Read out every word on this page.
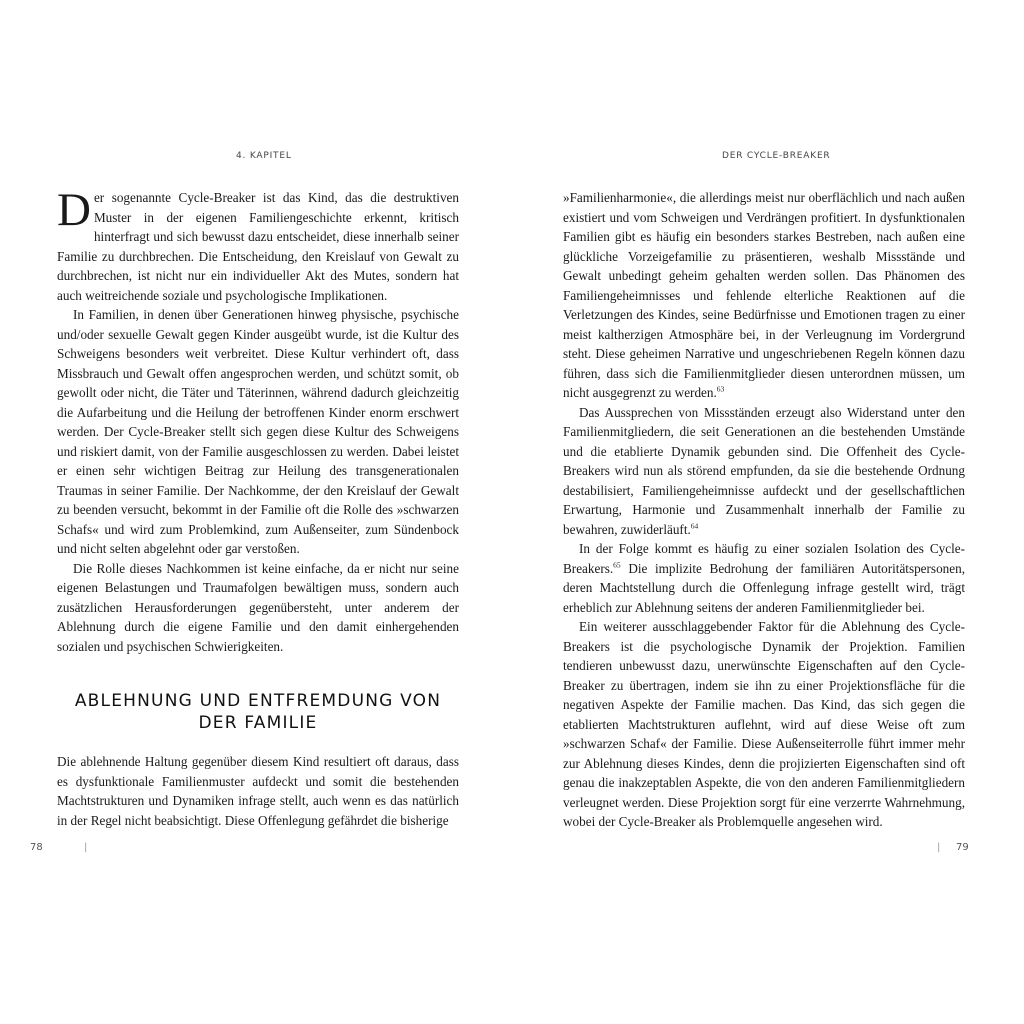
4. KAPITEL

Der sogenannte Cycle-Breaker ist das Kind, das die destruktiven Muster in der eigenen Familiengeschichte erkennt, kritisch hinterfragt und sich bewusst dazu entscheidet, diese innerhalb seiner Familie zu durchbrechen. Die Entscheidung, den Kreislauf von Gewalt zu durchbrechen, ist nicht nur ein individueller Akt des Mutes, sondern hat auch weitreichende soziale und psychologische Implikationen.

In Familien, in denen über Generationen hinweg physische, psychische und/oder sexuelle Gewalt gegen Kinder ausgeübt wurde, ist die Kultur des Schweigens besonders weit verbreitet. Diese Kultur verhindert oft, dass Missbrauch und Gewalt offen angesprochen werden, und schützt somit, ob gewollt oder nicht, die Täter und Täterinnen, während dadurch gleichzeitig die Aufarbeitung und die Heilung der betroffenen Kinder enorm erschwert werden. Der Cycle-Breaker stellt sich gegen diese Kultur des Schweigens und riskiert damit, von der Familie ausgeschlossen zu werden. Dabei leistet er einen sehr wichtigen Beitrag zur Heilung des transgenerationalen Traumas in seiner Familie. Der Nachkomme, der den Kreislauf der Gewalt zu beenden versucht, bekommt in der Familie oft die Rolle des »schwarzen Schafs« und wird zum Problemkind, zum Außenseiter, zum Sündenbock und nicht selten abgelehnt oder gar verstoßen.

Die Rolle dieses Nachkommen ist keine einfache, da er nicht nur seine eigenen Belastungen und Traumafolgen bewältigen muss, sondern auch zusätzlichen Herausforderungen gegenübersteht, unter anderem der Ablehnung durch die eigene Familie und den damit einhergehenden sozialen und psychischen Schwierigkeiten.

ABLEHNUNG UND ENTFREMDUNG VON DER FAMILIE

Die ablehnende Haltung gegenüber diesem Kind resultiert oft daraus, dass es dysfunktionale Familienmuster aufdeckt und somit die bestehenden Machtstrukturen und Dynamiken infrage stellt, auch wenn es das natürlich in der Regel nicht beabsichtigt. Diese Offenlegung gefährdet die bisherige

78	|
DER CYCLE-BREAKER

»Familienharmonie«, die allerdings meist nur oberflächlich und nach außen existiert und vom Schweigen und Verdrängen profitiert. In dysfunktionalen Familien gibt es häufig ein besonders starkes Bestreben, nach außen eine glückliche Vorzeigefamilie zu präsentieren, weshalb Missstände und Gewalt unbedingt geheim gehalten werden sollen. Das Phänomen des Familiengeheimnisses und fehlende elterliche Reaktionen auf die Verletzungen des Kindes, seine Bedürfnisse und Emotionen tragen zu einer meist kaltherzigen Atmosphäre bei, in der Verleugnung im Vordergrund steht. Diese geheimen Narrative und ungeschriebenen Regeln können dazu führen, dass sich die Familienmitglieder diesen unterordnen müssen, um nicht ausgegrenzt zu werden.$^{63}$

Das Aussprechen von Missständen erzeugt also Widerstand unter den Familienmitgliedern, die seit Generationen an die bestehenden Umstände und die etablierte Dynamik gebunden sind. Die Offenheit des Cycle-Breakers wird nun als störend empfunden, da sie die bestehende Ordnung destabilisiert, Familiengeheimnisse aufdeckt und der gesellschaftlichen Erwartung, Harmonie und Zusammenhalt innerhalb der Familie zu bewahren, zuwiderläuft.$^{64}$

In der Folge kommt es häufig zu einer sozialen Isolation des Cycle-Breakers.$^{65}$ Die implizite Bedrohung der familiären Autoritätspersonen, deren Machtstellung durch die Offenlegung infrage gestellt wird, trägt erheblich zur Ablehnung seitens der anderen Familienmitglieder bei.

Ein weiterer ausschlaggebender Faktor für die Ablehnung des Cycle-Breakers ist die psychologische Dynamik der Projektion. Familien tendieren unbewusst dazu, unerwünschte Eigenschaften auf den Cycle-Breaker zu übertragen, indem sie ihn zu einer Projektionsfläche für die negativen Aspekte der Familie machen. Das Kind, das sich gegen die etablierten Machtstrukturen auflehnt, wird auf diese Weise oft zum »schwarzen Schaf« der Familie. Diese Außenseiterrolle führt immer mehr zur Ablehnung dieses Kindes, denn die projizierten Eigenschaften sind oft genau die inakzeptablen Aspekte, die von den anderen Familienmitgliedern verleugnet werden. Diese Projektion sorgt für eine verzerrte Wahrnehmung, wobei der Cycle-Breaker als Problemquelle angesehen wird.

| 79
